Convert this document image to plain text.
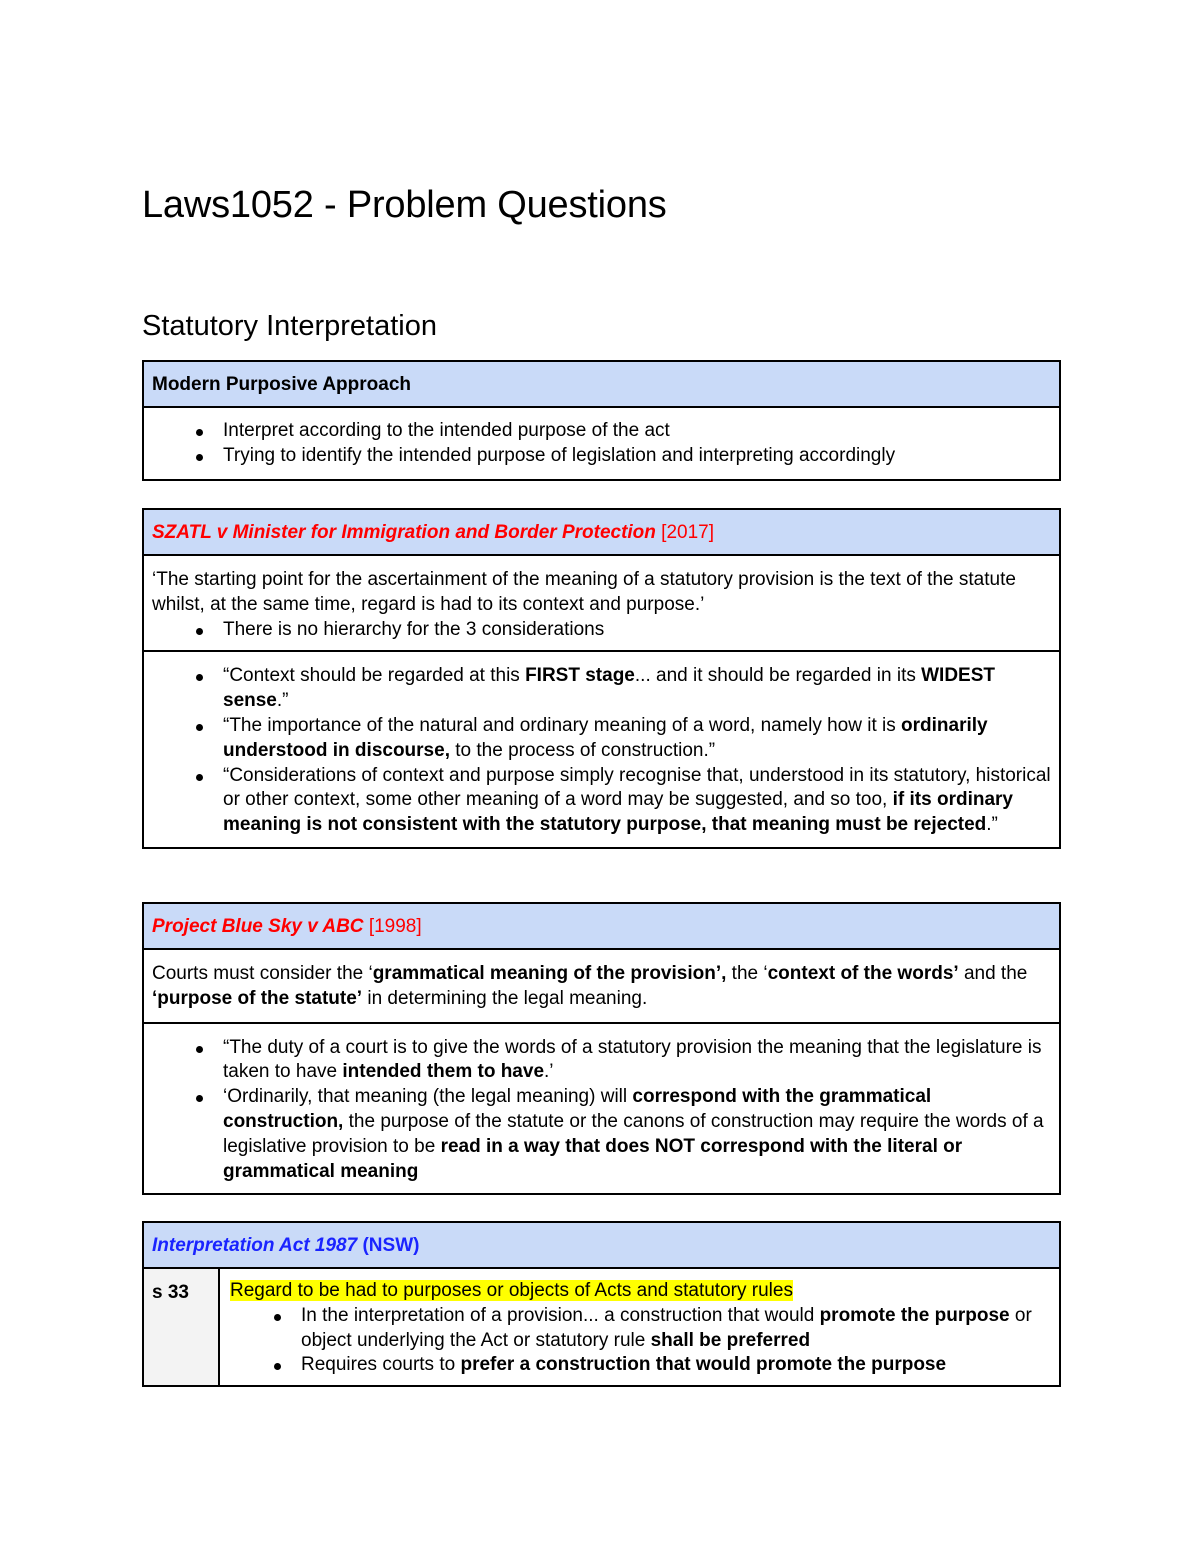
Laws1052 - Problem Questions
Statutory Interpretation
Modern Purposive Approach
Interpret according to the intended purpose of the act
Trying to identify the intended purpose of legislation and interpreting accordingly
SZATL v Minister for Immigration and Border Protection [2017]

‘The starting point for the ascertainment of the meaning of a statutory provision is the text of the statute whilst, at the same time, regard is had to its context and purpose.’

There is no hierarchy for the 3 considerations
“Context should be regarded at this FIRST stage... and it should be regarded in its WIDEST sense.”
“The importance of the natural and ordinary meaning of a word, namely how it is ordinarily understood in discourse, to the process of construction.”
“Considerations of context and purpose simply recognise that, understood in its statutory, historical or other context, some other meaning of a word may be suggested, and so too, if its ordinary meaning is not consistent with the statutory purpose, that meaning must be rejected.”
Project Blue Sky v ABC [1998]

Courts must consider the ‘grammatical meaning of the provision’, the ‘context of the words’ and the ‘purpose of the statute’ in determining the legal meaning.

“The duty of a court is to give the words of a statutory provision the meaning that the legislature is taken to have intended them to have.’
‘Ordinarily, that meaning (the legal meaning) will correspond with the grammatical construction, the purpose of the statute or the canons of construction may require the words of a legislative provision to be read in a way that does NOT correspond with the literal or grammatical meaning
Interpretation Act 1987 (NSW)
s 33	Regard to be had to purposes or objects of Acts and statutory rules
In the interpretation of a provision... a construction that would promote the purpose or object underlying the Act or statutory rule shall be preferred
Requires courts to prefer a construction that would promote the purpose
